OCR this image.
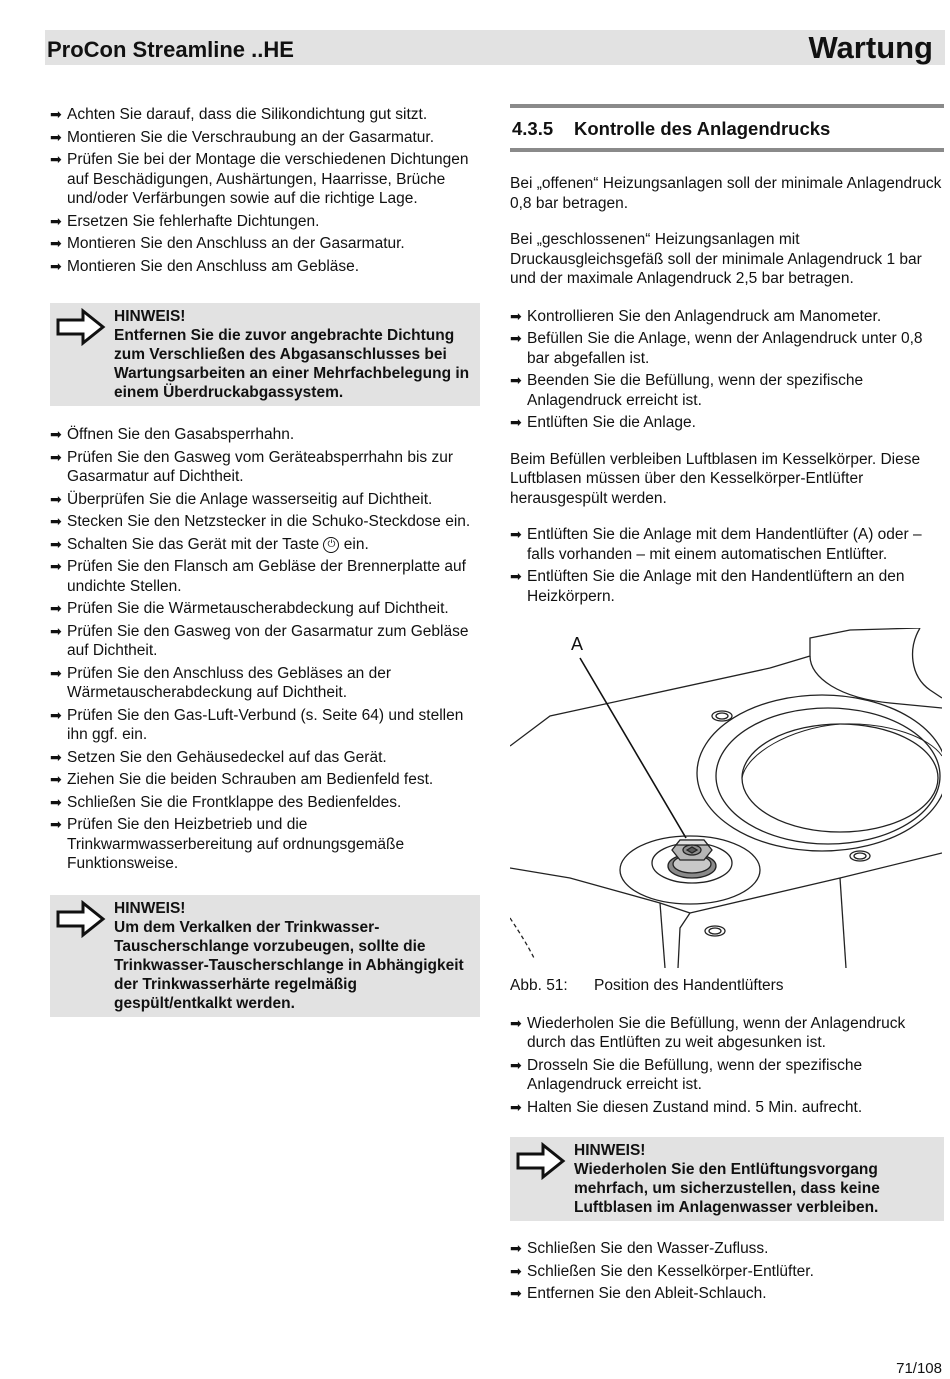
ProCon Streamline ..HE	Wartung
➡ Achten Sie darauf, dass die Silikondichtung gut sitzt.
➡ Montieren Sie die Verschraubung an der Gasarmatur.
➡ Prüfen Sie bei der Montage die verschiedenen Dichtungen auf Beschädigungen, Aushärtungen, Haarrisse, Brüche und/oder Verfärbungen sowie auf die richtige Lage.
➡ Ersetzen Sie fehlerhafte Dichtungen.
➡ Montieren Sie den Anschluss an der Gasarmatur.
➡ Montieren Sie den Anschluss am Gebläse.
HINWEIS!
Entfernen Sie die zuvor angebrachte Dichtung zum Verschließen des Abgasanschlusses bei Wartungsarbeiten an einer Mehrfachbelegung in einem Überdruckabgassystem.
➡ Öffnen Sie den Gasabsperrhahn.
➡ Prüfen Sie den Gasweg vom Geräteabsperrhahn bis zur Gasarmatur auf Dichtheit.
➡ Überprüfen Sie die Anlage wasserseitig auf Dichtheit.
➡ Stecken Sie den Netzstecker in die Schuko-Steckdose ein.
➡ Schalten Sie das Gerät mit der Taste ⏻ ein.
➡ Prüfen Sie den Flansch am Gebläse der Brennerplatte auf undichte Stellen.
➡ Prüfen Sie die Wärmetauscherabdeckung auf Dichtheit.
➡ Prüfen Sie den Gasweg von der Gasarmatur zum Gebläse auf Dichtheit.
➡ Prüfen Sie den Anschluss des Gebläses an der Wärmetauscherabdeckung auf Dichtheit.
➡ Prüfen Sie den Gas-Luft-Verbund (s. Seite 64) und stellen ihn ggf. ein.
➡ Setzen Sie den Gehäusedeckel auf das Gerät.
➡ Ziehen Sie die beiden Schrauben am Bedienfeld fest.
➡ Schließen Sie die Frontklappe des Bedienfeldes.
➡ Prüfen Sie den Heizbetrieb und die Trinkwarmwasserbereitung auf ordnungsgemäße Funktionsweise.
HINWEIS!
Um dem Verkalken der Trinkwasser-Tauscherschlange vorzubeugen, sollte die Trinkwasser-Tauscherschlange in Abhängigkeit der Trinkwasserhärte regelmäßig gespült/entkalkt werden.
4.3.5 Kontrolle des Anlagendrucks

Bei „offenen“ Heizungsanlagen soll der minimale Anlagendruck 0,8 bar betragen.

Bei „geschlossenen“ Heizungsanlagen mit Druckausgleichsgefäß soll der minimale Anlagendruck 1 bar und der maximale Anlagendruck 2,5 bar betragen.

➡ Kontrollieren Sie den Anlagendruck am Manometer.
➡ Befüllen Sie die Anlage, wenn der Anlagendruck unter 0,8 bar abgefallen ist.
➡ Beenden Sie die Befüllung, wenn der spezifische Anlagendruck erreicht ist.
➡ Entlüften Sie die Anlage.

Beim Befüllen verbleiben Luftblasen im Kesselkörper. Diese Luftblasen müssen über den Kesselkörper-Entlüfter herausgespült werden.

➡ Entlüften Sie die Anlage mit dem Handentlüfter (A) oder – falls vorhanden – mit einem automatischen Entlüfter.
➡ Entlüften Sie die Anlage mit den Handentlüftern an den Heizkörpern.
A
Abb. 51: Position des Handentlüfters
➡ Wiederholen Sie die Befüllung, wenn der Anlagendruck durch das Entlüften zu weit abgesunken ist.
➡ Drosseln Sie die Befüllung, wenn der spezifische Anlagendruck erreicht ist.
➡ Halten Sie diesen Zustand mind. 5 Min. aufrecht.
HINWEIS!
Wiederholen Sie den Entlüftungsvorgang mehrfach, um sicherzustellen, dass keine Luftblasen im Anlagenwasser verbleiben.
➡ Schließen Sie den Wasser-Zufluss.
➡ Schließen Sie den Kesselkörper-Entlüfter.
➡ Entfernen Sie den Ableit-Schlauch.
71/108
